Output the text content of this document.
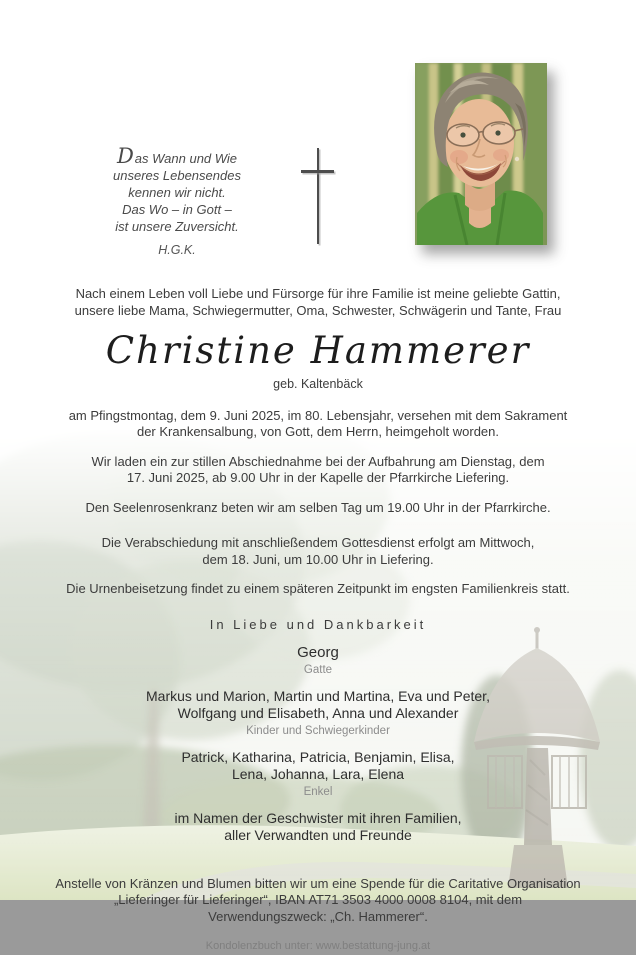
Das Wann und Wie
unseres Lebensendes
kennen wir nicht.
Das Wo – in Gott –
ist unsere Zuversicht.
H.G.K.
Nach einem Leben voll Liebe und Fürsorge für ihre Familie ist meine geliebte Gattin,
unsere liebe Mama, Schwiegermutter, Oma, Schwester, Schwägerin und Tante, Frau
Christine Hammerer
geb. Kaltenbäck
am Pfingstmontag, dem 9. Juni 2025, im 80. Lebensjahr, versehen mit dem Sakrament
der Krankensalbung, von Gott, dem Herrn, heimgeholt worden.
Wir laden ein zur stillen Abschiednahme bei der Aufbahrung am Dienstag, dem
17. Juni 2025, ab 9.00 Uhr in der Kapelle der Pfarrkirche Liefering.
Den Seelenrosenkranz beten wir am selben Tag um 19.00 Uhr in der Pfarrkirche.
Die Verabschiedung mit anschließendem Gottesdienst erfolgt am Mittwoch,
dem 18. Juni, um 10.00 Uhr in Liefering.
Die Urnenbeisetzung findet zu einem späteren Zeitpunkt im engsten Familienkreis statt.
In Liebe und Dankbarkeit
Georg
Gatte
Markus und Marion, Martin und Martina, Eva und Peter,
Wolfgang und Elisabeth, Anna und Alexander
Kinder und Schwiegerkinder
Patrick, Katharina, Patricia, Benjamin, Elisa,
Lena, Johanna, Lara, Elena
Enkel
im Namen der Geschwister mit ihren Familien,
aller Verwandten und Freunde
Anstelle von Kränzen und Blumen bitten wir um eine Spende für die Caritative Organisation
„Lieferinger für Lieferinger“, IBAN AT71 3503 4000 0008 8104, mit dem
Verwendungszweck: „Ch. Hammerer“.
Kondolenzbuch unter: www.bestattung-jung.at
